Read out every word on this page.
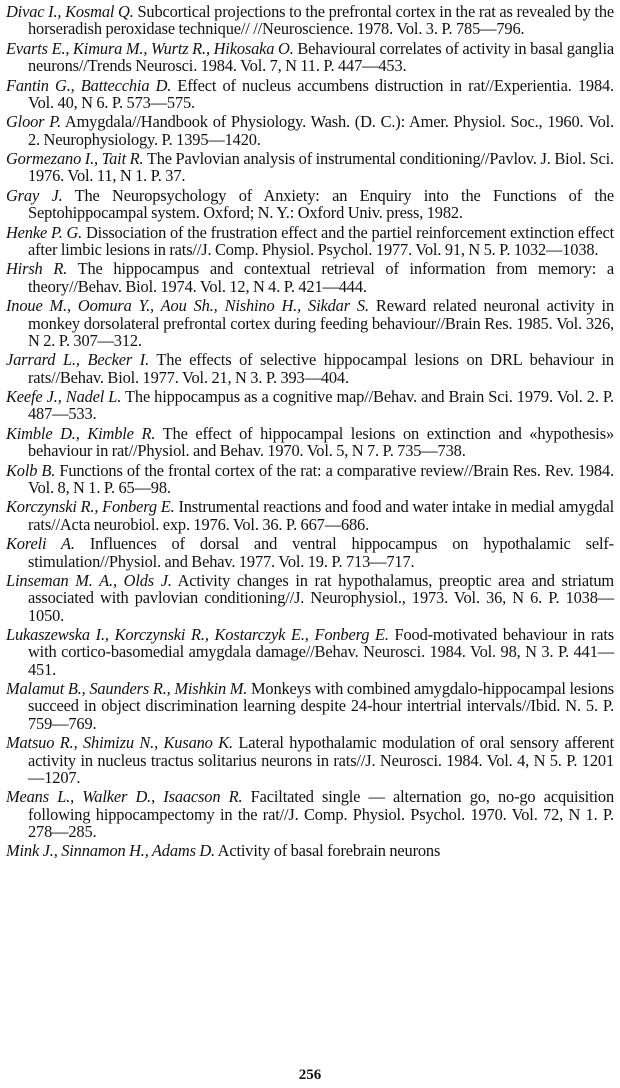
Divac I., Kosmal Q. Subcortical projections to the prefrontal cortex in the rat as revealed by the horseradish peroxidase technique// //Neuroscience. 1978. Vol. 3. P. 785—796.
Evarts E., Kimura M., Wurtz R., Hikosaka O. Behavioural correlates of activity in basal ganglia neurons//Trends Neurosci. 1984. Vol. 7, N 11. P. 447—453.
Fantin G., Battecchia D. Effect of nucleus accumbens distruction in rat//Experientia. 1984. Vol. 40, N 6. P. 573—575.
Gloor P. Amygdala//Handbook of Physiology. Wash. (D. C.): Amer. Physiol. Soc., 1960. Vol. 2. Neurophysiology. P. 1395—1420.
Gormezano I., Tait R. The Pavlovian analysis of instrumental conditioning//Pavlov. J. Biol. Sci. 1976. Vol. 11, N 1. P. 37.
Gray J. The Neuropsychology of Anxiety: an Enquiry into the Functions of the Septohippocampal system. Oxford; N. Y.: Oxford Univ. press, 1982.
Henke P. G. Dissociation of the frustration effect and the partiel reinforcement extinction effect after limbic lesions in rats//J. Comp. Physiol. Psychol. 1977. Vol. 91, N 5. P. 1032—1038.
Hirsh R. The hippocampus and contextual retrieval of information from memory: a theory//Behav. Biol. 1974. Vol. 12, N 4. P. 421—444.
Inoue M., Oomura Y., Aou Sh., Nishino H., Sikdar S. Reward related neuronal activity in monkey dorsolateral prefrontal cortex during feeding behaviour//Brain Res. 1985. Vol. 326, N 2. P. 307—312.
Jarrard L., Becker I. The effects of selective hippocampal lesions on DRL behaviour in rats//Behav. Biol. 1977. Vol. 21, N 3. P. 393—404.
Keefe J., Nadel L. The hippocampus as a cognitive map//Behav. and Brain Sci. 1979. Vol. 2. P. 487—533.
Kimble D., Kimble R. The effect of hippocampal lesions on extinction and «hypothesis» behaviour in rat//Physiol. and Behav. 1970. Vol. 5, N 7. P. 735—738.
Kolb B. Functions of the frontal cortex of the rat: a comparative review//Brain Res. Rev. 1984. Vol. 8, N 1. P. 65—98.
Korczynski R., Fonberg E. Instrumental reactions and food and water intake in medial amygdal rats//Acta neurobiol. exp. 1976. Vol. 36. P. 667—686.
Koreli A. Influences of dorsal and ventral hippocampus on hypothalamic self-stimulation//Physiol. and Behav. 1977. Vol. 19. P. 713—717.
Linseman M. A., Olds J. Activity changes in rat hypothalamus, preoptic area and striatum associated with pavlovian conditioning//J. Neurophysiol., 1973. Vol. 36, N 6. P. 1038—1050.
Lukaszewska I., Korczynski R., Kostarczyk E., Fonberg E. Food-motivated behaviour in rats with cortico-basomedial amygdala damage//Behav. Neurosci. 1984. Vol. 98, N 3. P. 441—451.
Malamut B., Saunders R., Mishkin M. Monkeys with combined amygdalo-hippocampal lesions succeed in object discrimination learning despite 24-hour intertrial intervals//Ibid. N. 5. P. 759—769.
Matsuo R., Shimizu N., Kusano K. Lateral hypothalamic modulation of oral sensory afferent activity in nucleus tractus solitarius neurons in rats//J. Neurosci. 1984. Vol. 4, N 5. P. 1201—1207.
Means L., Walker D., Isaacson R. Faciltated single — alternation go, no-go acquisition following hippocampectomy in the rat//J. Comp. Physiol. Psychol. 1970. Vol. 72, N 1. P. 278—285.
Mink J., Sinnamon H., Adams D. Activity of basal forebrain neurons
256
